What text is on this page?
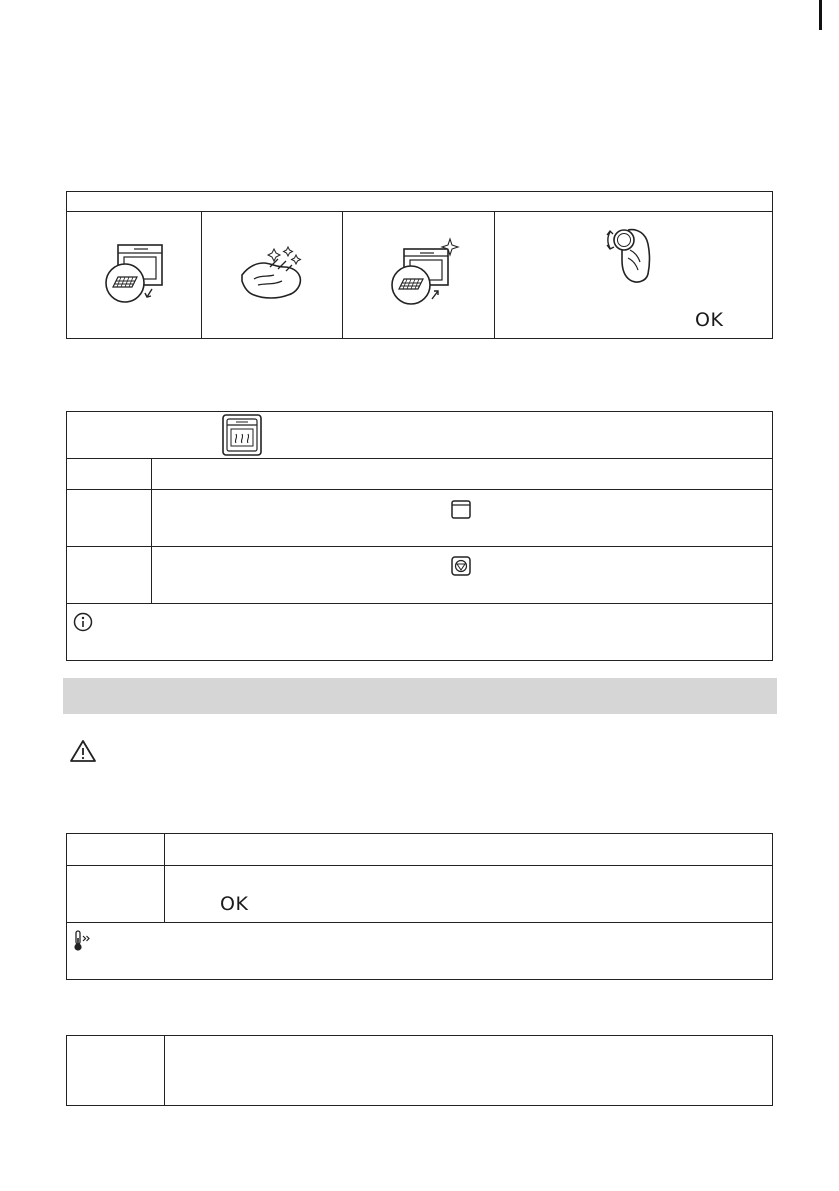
OK
OK
